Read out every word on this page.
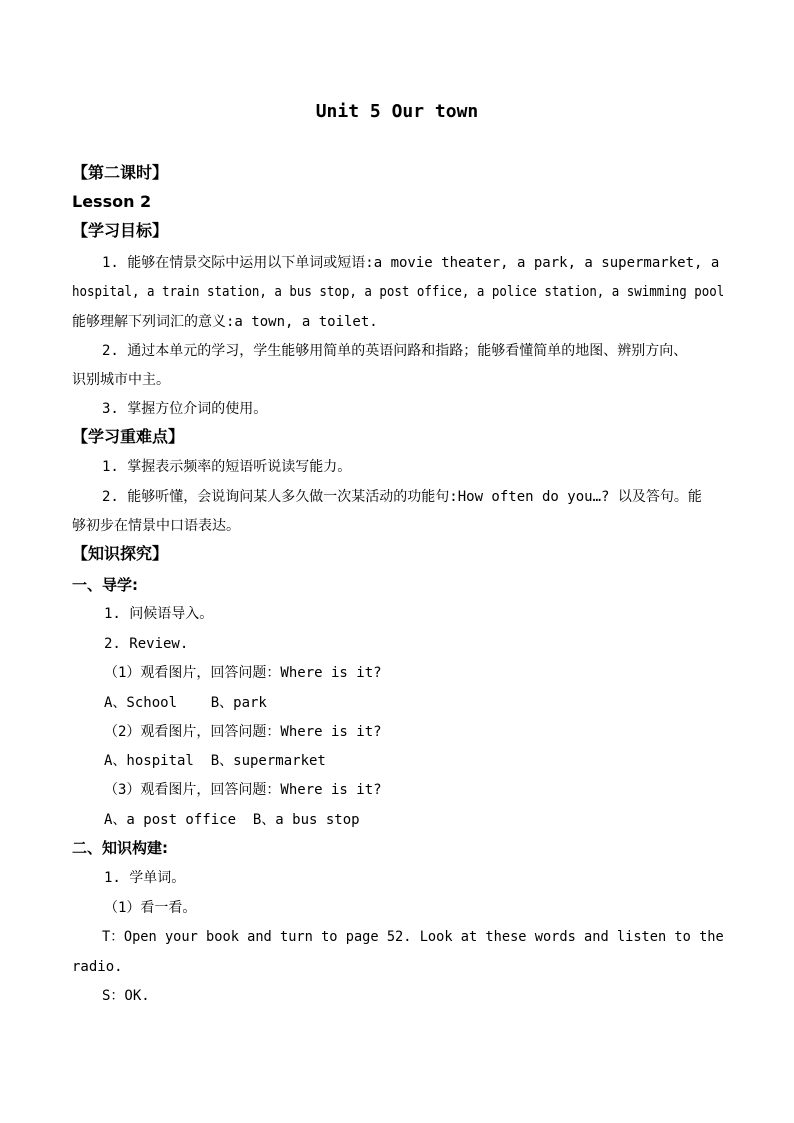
Unit 5 Our town
【第二课时】
Lesson 2
【学习目标】
1. 能够在情景交际中运用以下单词或短语:a movie theater, a park, a supermarket, a
hospital, a train station, a bus stop, a post office, a police station, a swimming pool
能够理解下列词汇的意义:a town, a toilet.
2. 通过本单元的学习，学生能够用简单的英语问路和指路；能够看懂简单的地图、辨别方向、
识别城市中主。
3. 掌握方位介词的使用。
【学习重难点】
1. 掌握表示频率的短语听说读写能力。
2. 能够听懂，会说询问某人多久做一次某活动的功能句:How often do you…? 以及答句。能
够初步在情景中口语表达。
【知识探究】
一、导学:
1. 问候语导入。
2. Review.
（1）观看图片，回答问题：Where is it?
A、School    B、park
（2）观看图片，回答问题：Where is it?
A、hospital  B、supermarket
（3）观看图片，回答问题：Where is it?
A、a post office  B、a bus stop
二、知识构建:
1. 学单词。
（1）看一看。
T：Open your book and turn to page 52. Look at these words and listen to the
radio.
S：OK.
